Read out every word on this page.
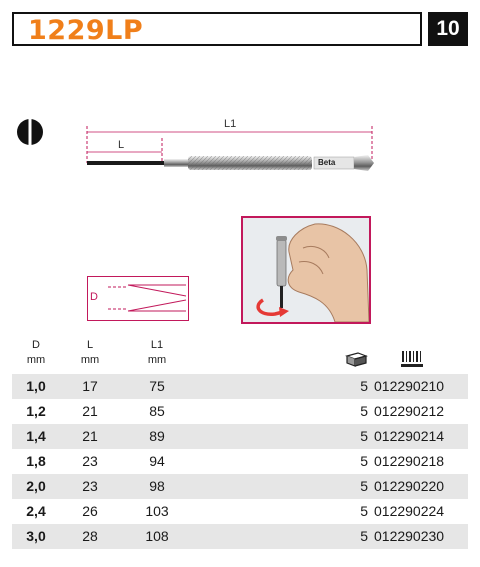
1229LP	10
L
L1
Beta
D
D
mm
L
mm
L1
mm
1,0	17	75	5 012290210
1,2	21	85	5 012290212
1,4	21	89	5 012290214
1,8	23	94	5 012290218
2,0	23	98	5 012290220
2,4	26	103	5 012290224
3,0	28	108	5 012290230
